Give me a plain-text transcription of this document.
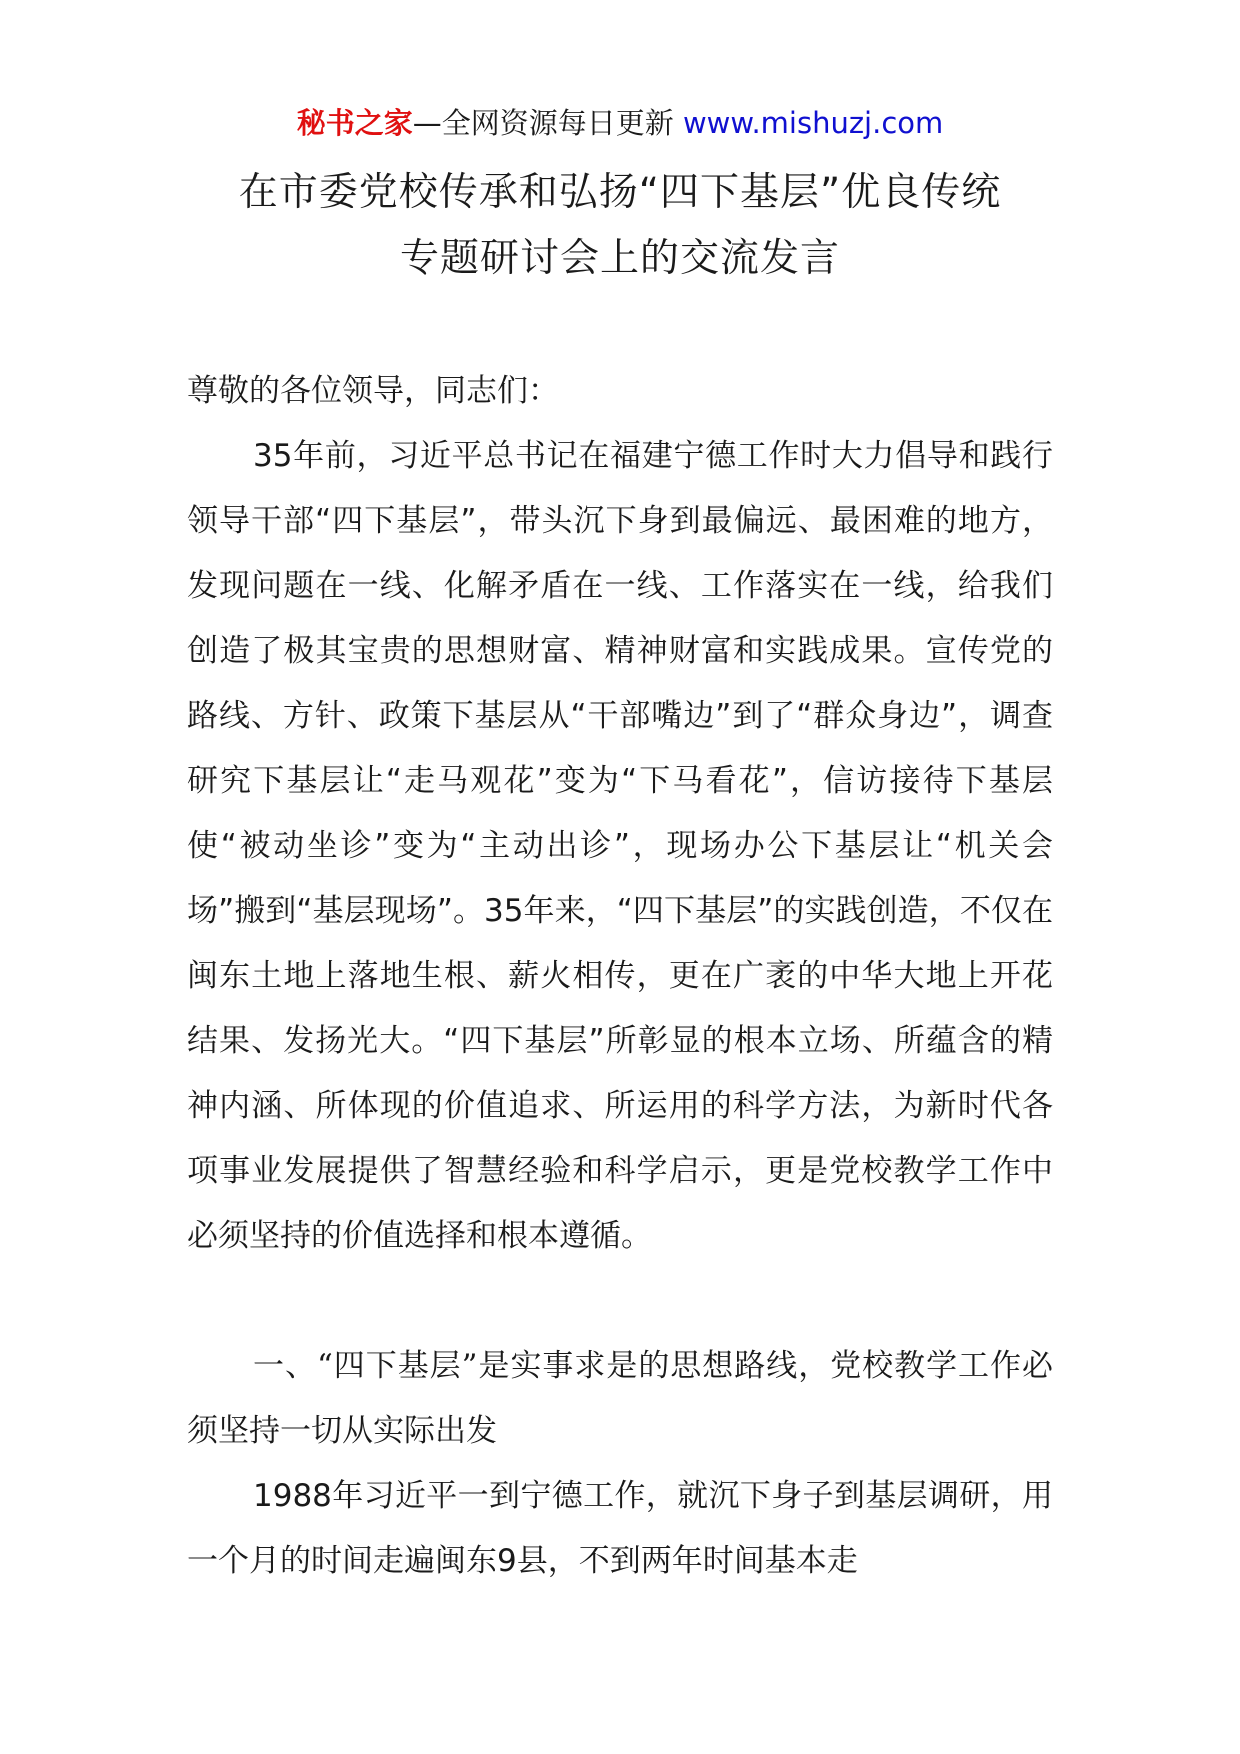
秘书之家—全网资源每日更新 www.mishuzj.com
在市委党校传承和弘扬“四下基层”优良传统
专题研讨会上的交流发言
尊敬的各位领导，同志们：

35年前，习近平总书记在福建宁德工作时大力倡导和践行领导干部“四下基层”，带头沉下身到最偏远、最困难的地方，发现问题在一线、化解矛盾在一线、工作落实在一线，给我们创造了极其宝贵的思想财富、精神财富和实践成果。宣传党的路线、方针、政策下基层从“干部嘴边”到了“群众身边”，调查研究下基层让“走马观花”变为“下马看花”，信访接待下基层使“被动坐诊”变为“主动出诊”，现场办公下基层让“机关会场”搬到“基层现场”。35年来，“四下基层”的实践创造，不仅在闽东土地上落地生根、薪火相传，更在广袤的中华大地上开花结果、发扬光大。“四下基层”所彰显的根本立场、所蕴含的精神内涵、所体现的价值追求、所运用的科学方法，为新时代各项事业发展提供了智慧经验和科学启示，更是党校教学工作中必须坚持的价值选择和根本遵循。

一、“四下基层”是实事求是的思想路线，党校教学工作必须坚持一切从实际出发

1988年习近平一到宁德工作，就沉下身子到基层调研，用一个月的时间走遍闽东9县，不到两年时间基本走
